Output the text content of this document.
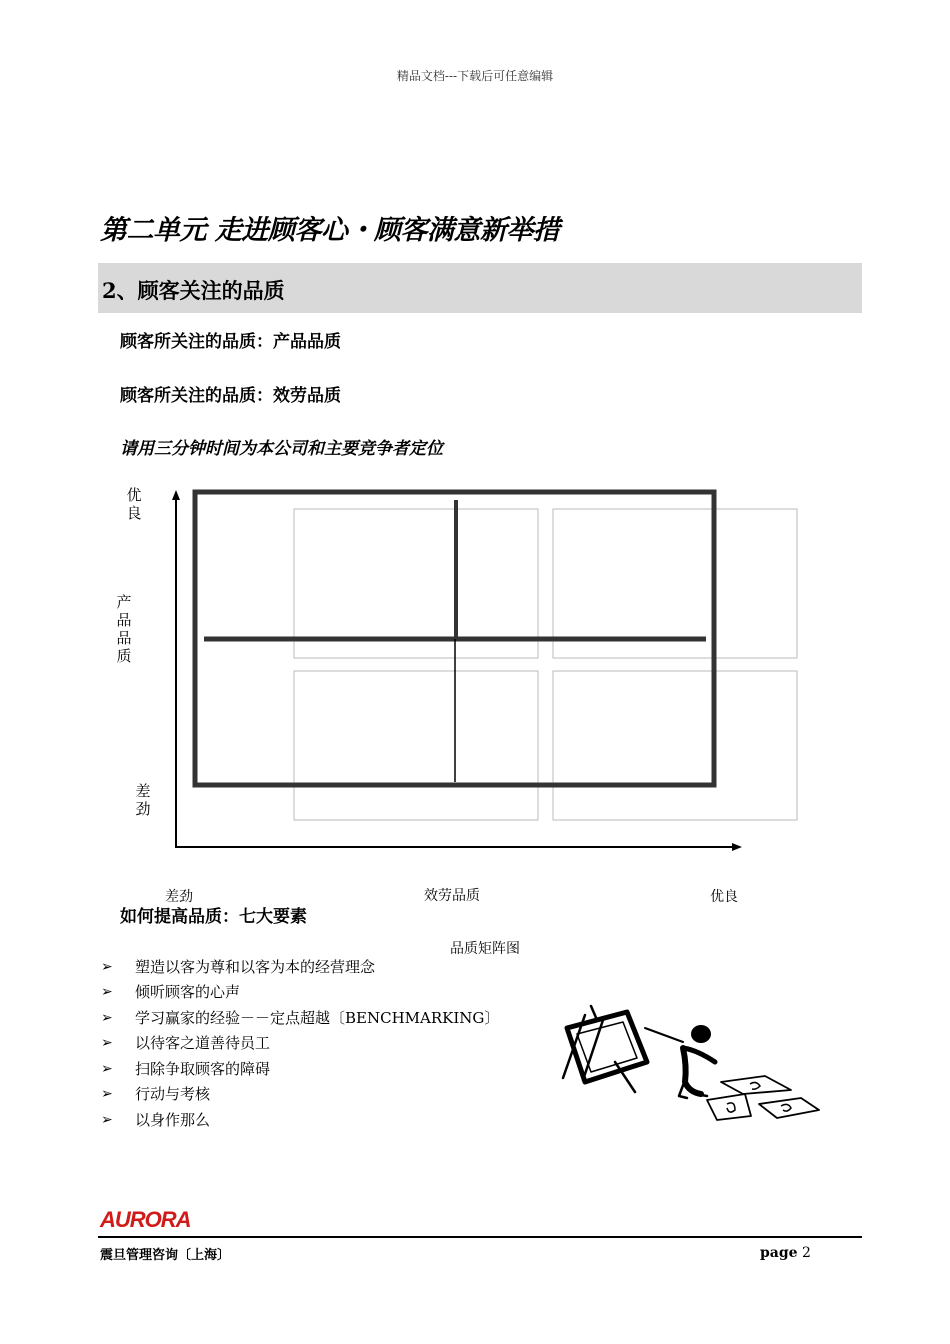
精品文档---下载后可任意编辑
第二单元 走进顾客心・顾客满意新举措
2、顾客关注的品质
顾客所关注的品质：产品品质
顾客所关注的品质：效劳品质
请用三分钟时间为本公司和主要竞争者定位
优良
产品品质
差劲
差劲	效劳品质	优良
如何提高品质：七大要素
品质矩阵图
➢	塑造以客为尊和以客为本的经营理念
➢	倾听顾客的心声
➢	学习赢家的经验－－定点超越〔BENCHMARKING〕
➢	以待客之道善待员工
➢	扫除争取顾客的障碍
➢	行动与考核
➢	以身作那么
AURORA
震旦管理咨询〔上海〕	page 2
